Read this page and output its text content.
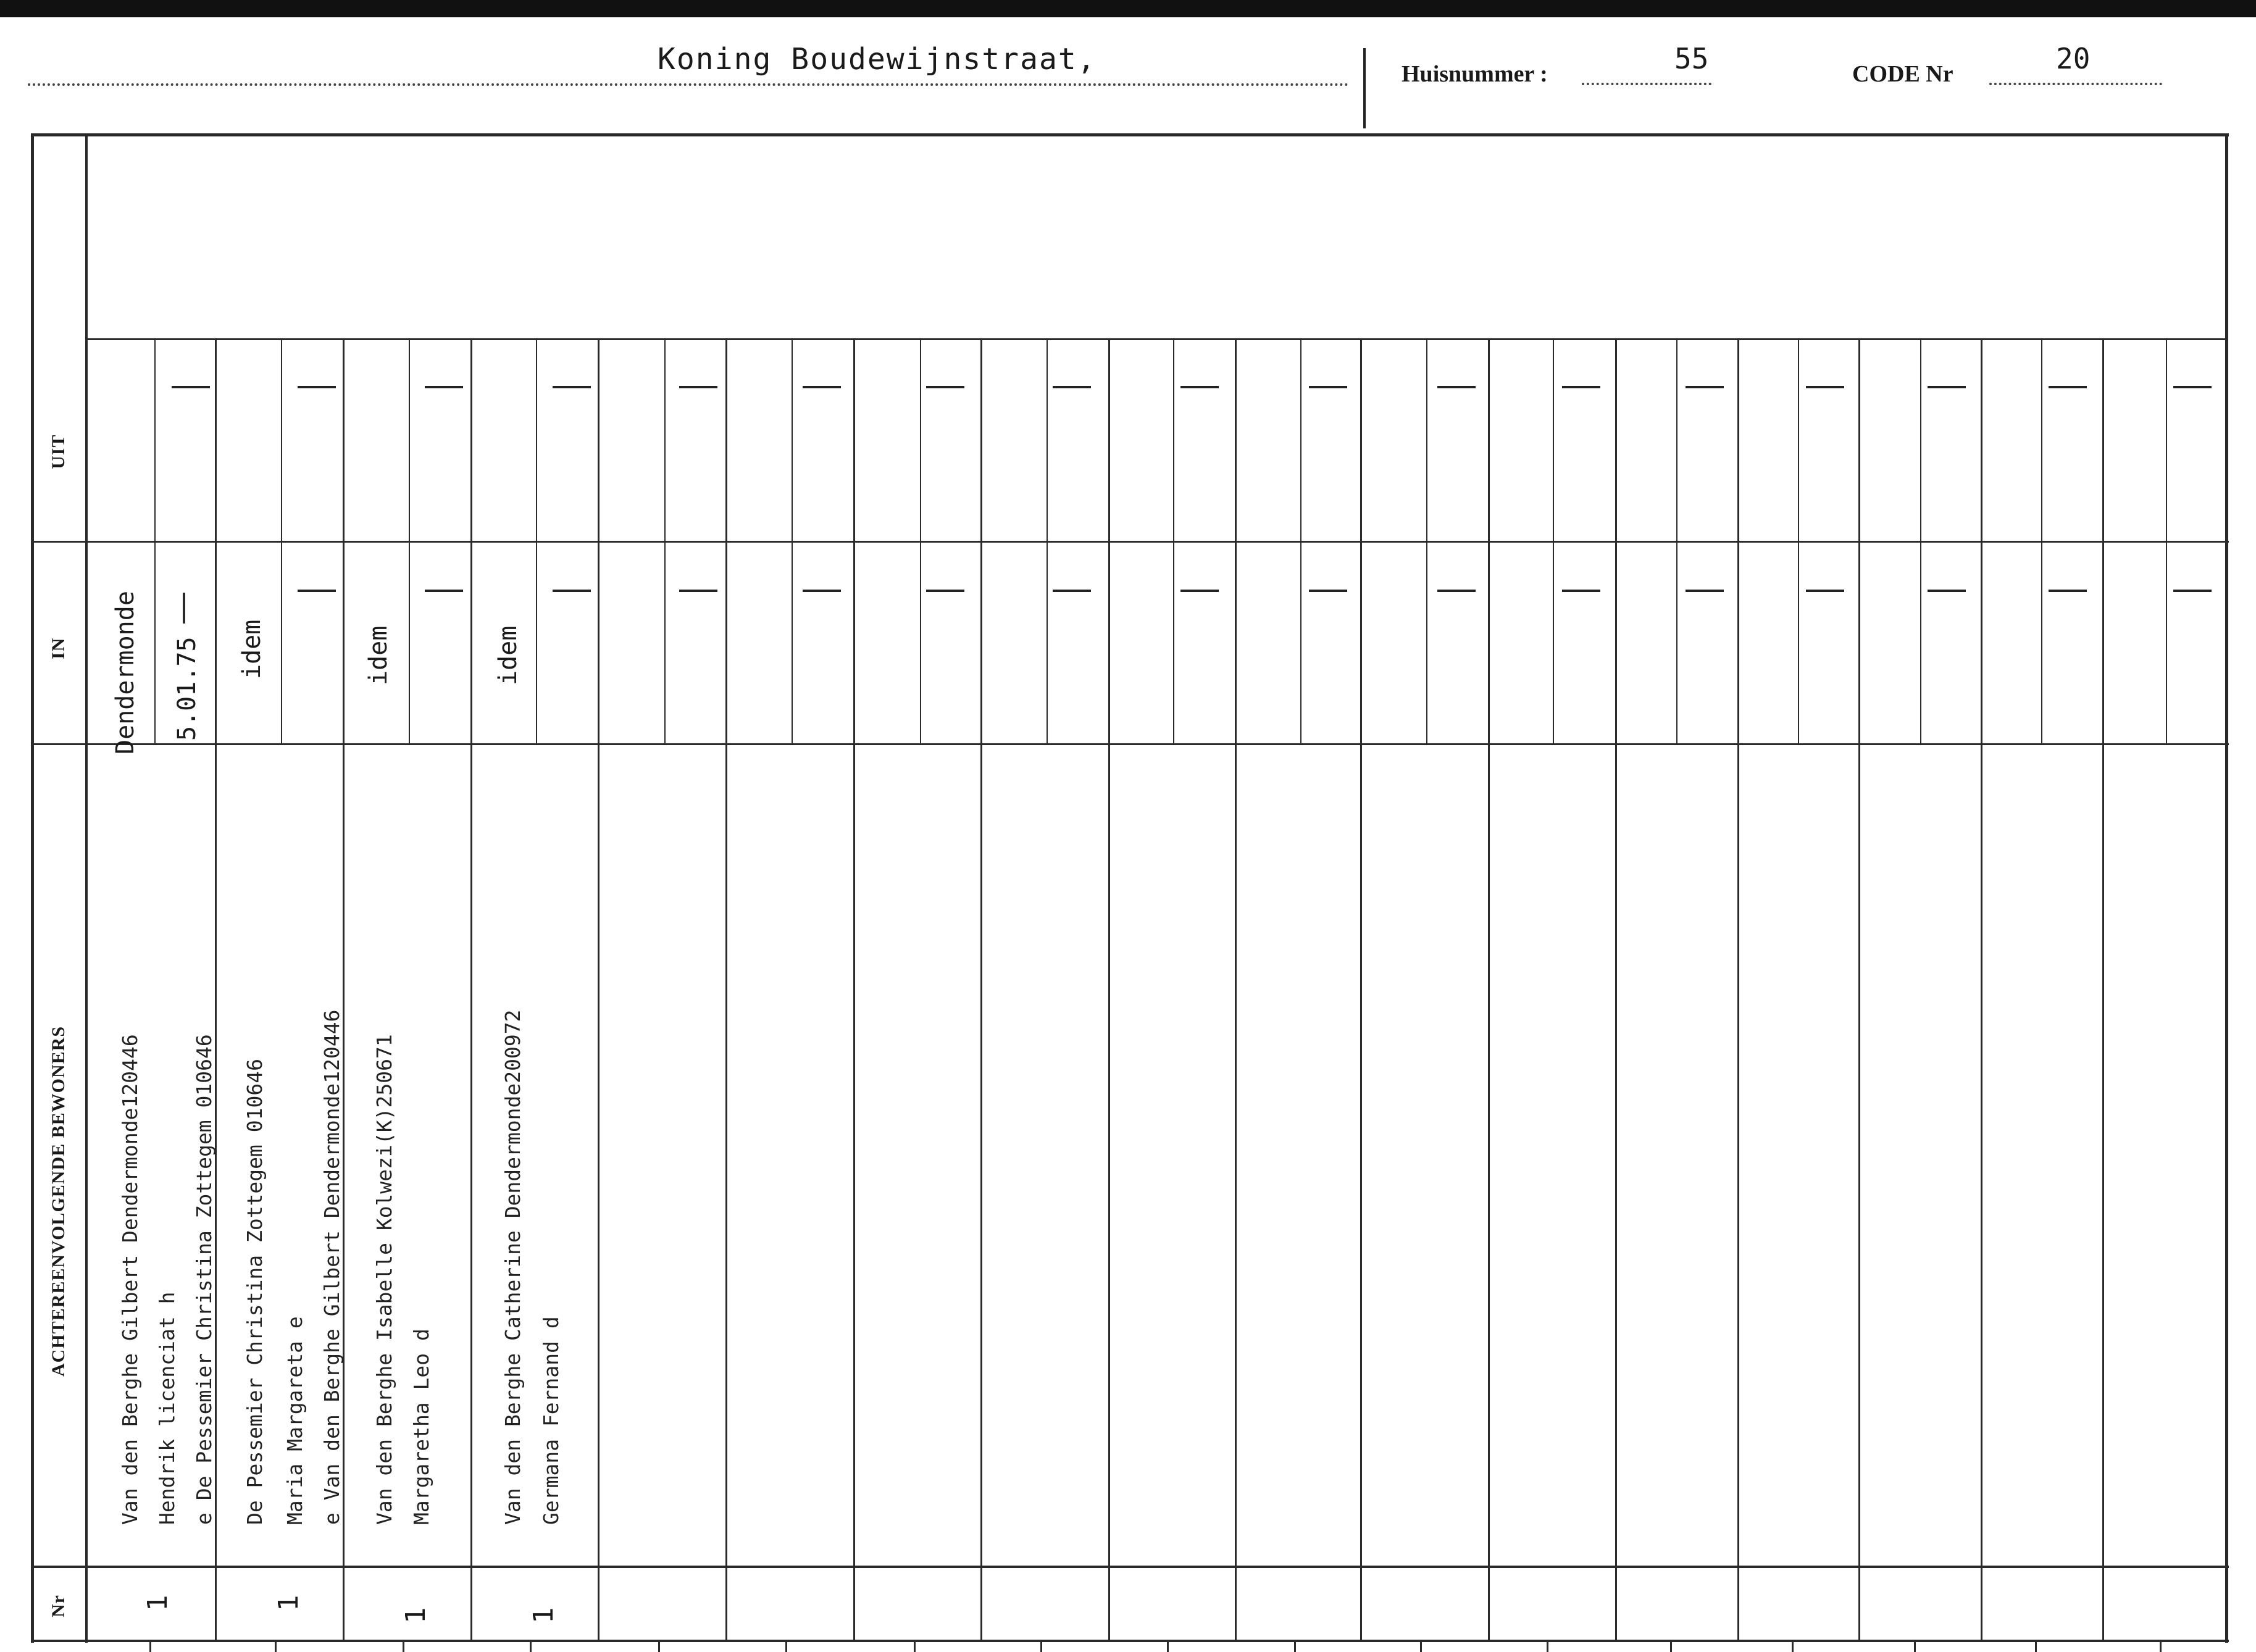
Koning Boudewijnstraat,	Huisnummer :	55	CODE Nr	20
UIT
IN
ACHTEREENVOLGENDE BEWONERS
Nr
Van den Berghe Gilbert Dendermonde120446 Hendrik licenciat h e De Pessemier Christina Zottegem 010646
Dendermonde 5.01.75
1
De Pessemier Christina Zottegem 010646 Maria Margareta e e Van den Berghe Gilbert Dendermonde120446
idem
1
Van den Berghe Isabelle Kolwezi(K)250671 Margaretha Leo d
idem
1
Van den Berghe Catherine Dendermonde200972 Germana Fernand d
idem
1
